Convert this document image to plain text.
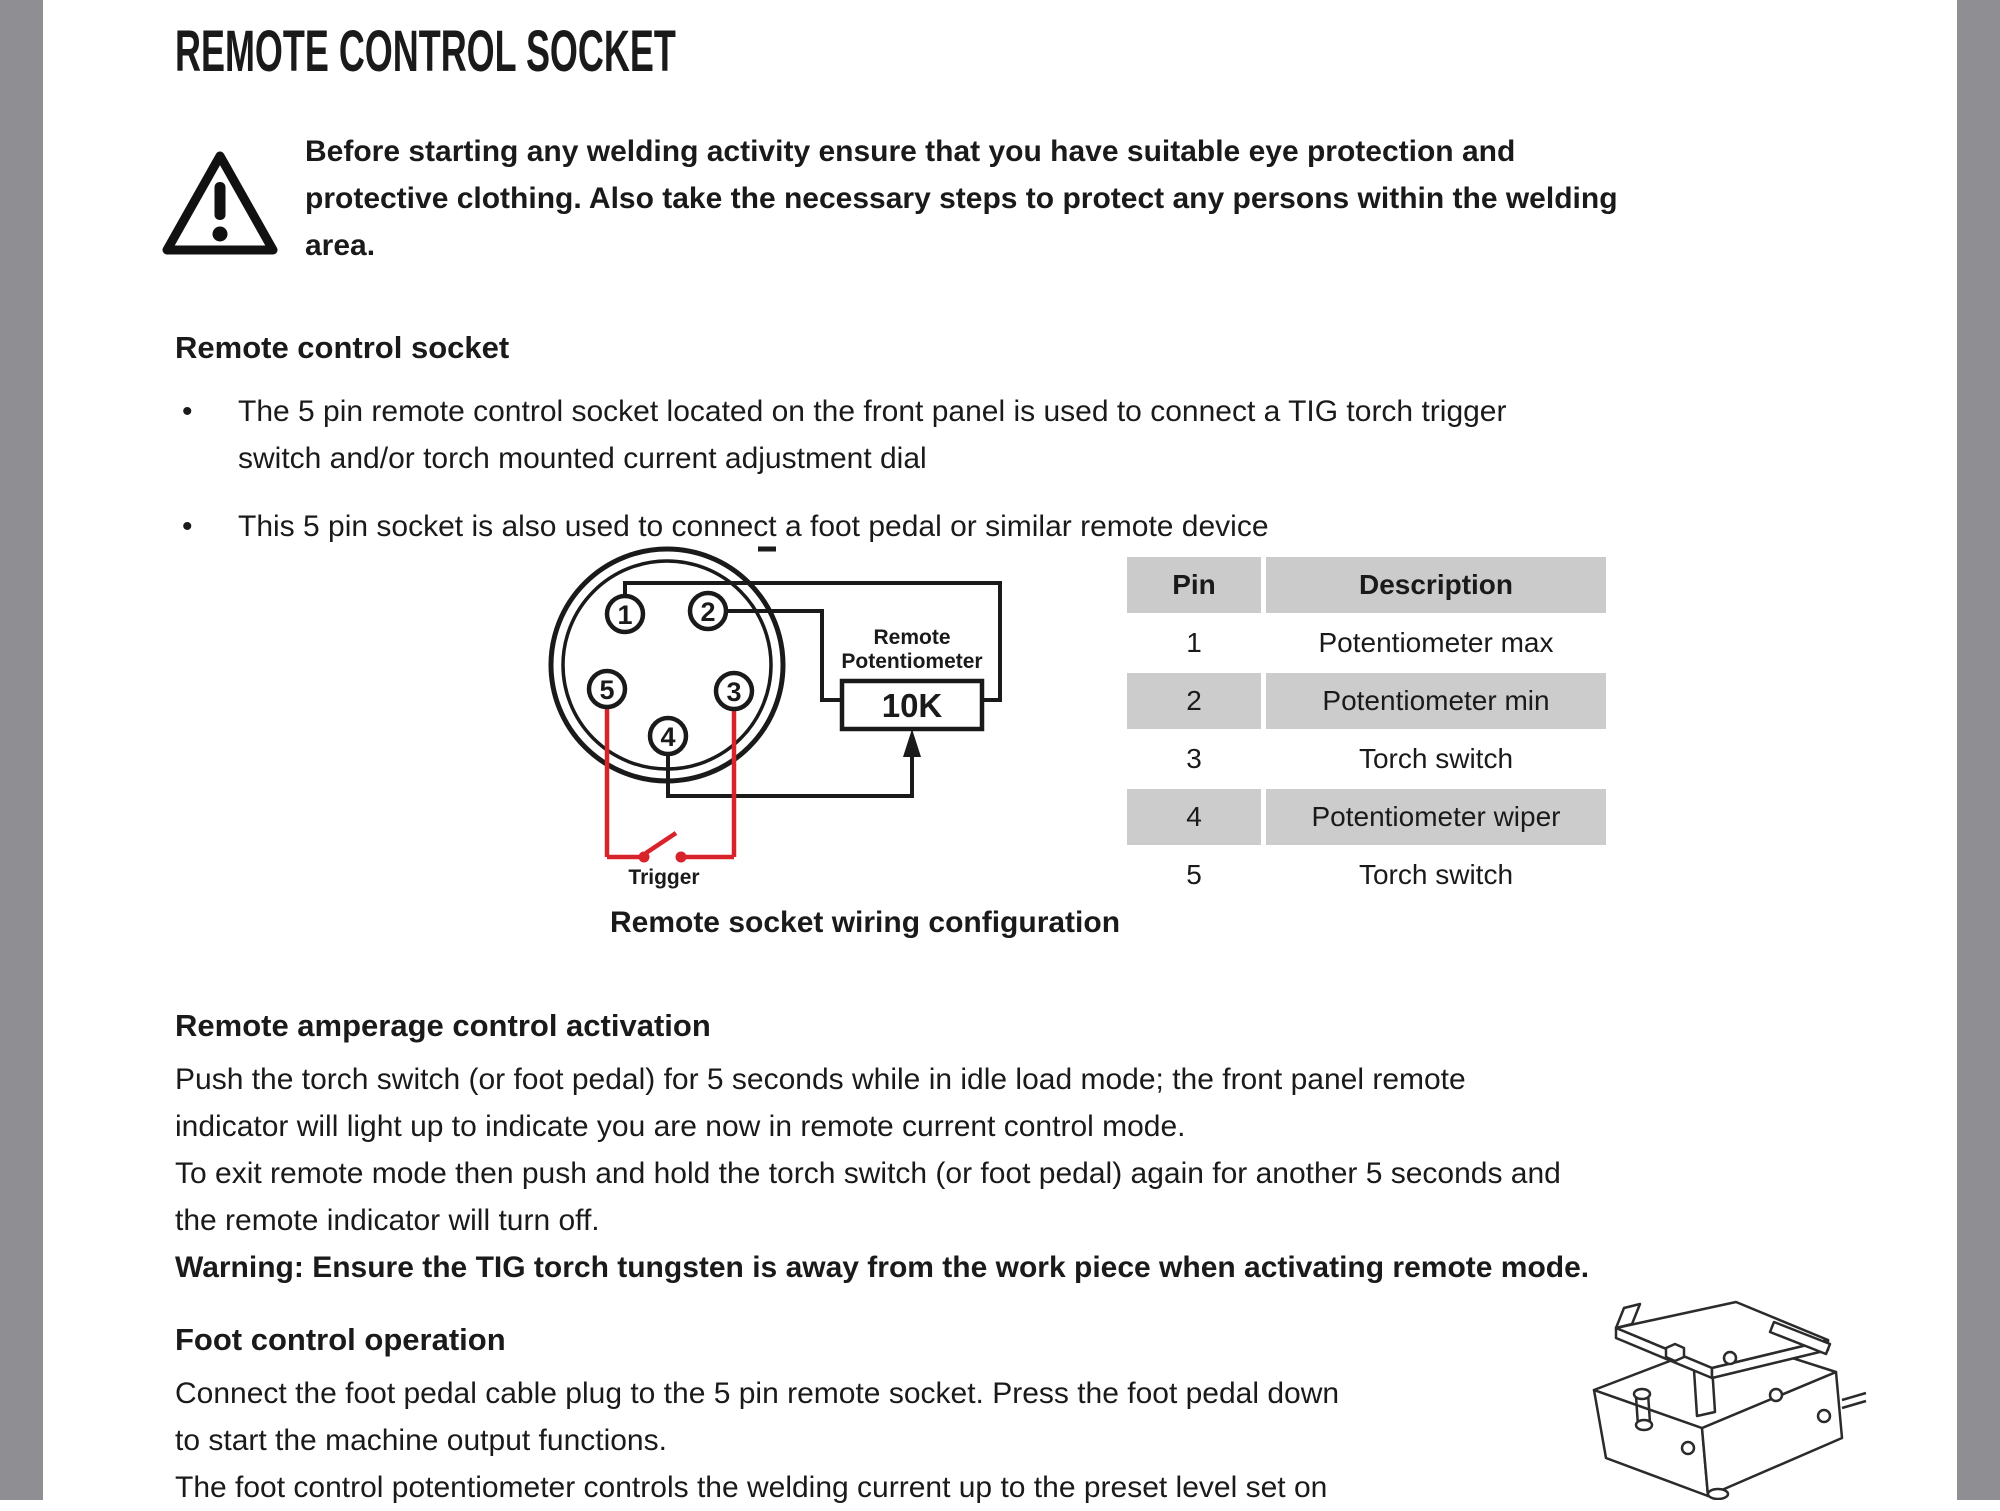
REMOTE CONTROL SOCKET
Before starting any welding activity ensure that you have suitable eye protection and
protective clothing. Also take the necessary steps to protect any persons within the welding
area.
Remote control socket
•	The 5 pin remote control socket located on the front panel is used to connect a TIG torch trigger
switch and/or torch mounted current adjustment dial
•	This 5 pin socket is also used to connect a foot pedal or similar remote device
Remote
Potentiometer
10K
1	2
5	3
4
Trigger
Pin	Description
1	Potentiometer max
2	Potentiometer min
3	Torch switch
4	Potentiometer wiper
5	Torch switch
Remote socket wiring configuration
Remote amperage control activation
Push the torch switch (or foot pedal) for 5 seconds while in idle load mode; the front panel remote
indicator will light up to indicate you are now in remote current control mode.
To exit remote mode then push and hold the torch switch (or foot pedal) again for another 5 seconds and
the remote indicator will turn off.
Warning: Ensure the TIG torch tungsten is away from the work piece when activating remote mode.
Foot control operation
Connect the foot pedal cable plug to the 5 pin remote socket. Press the foot pedal down
to start the machine output functions.
The foot control potentiometer controls the welding current up to the preset level set on
